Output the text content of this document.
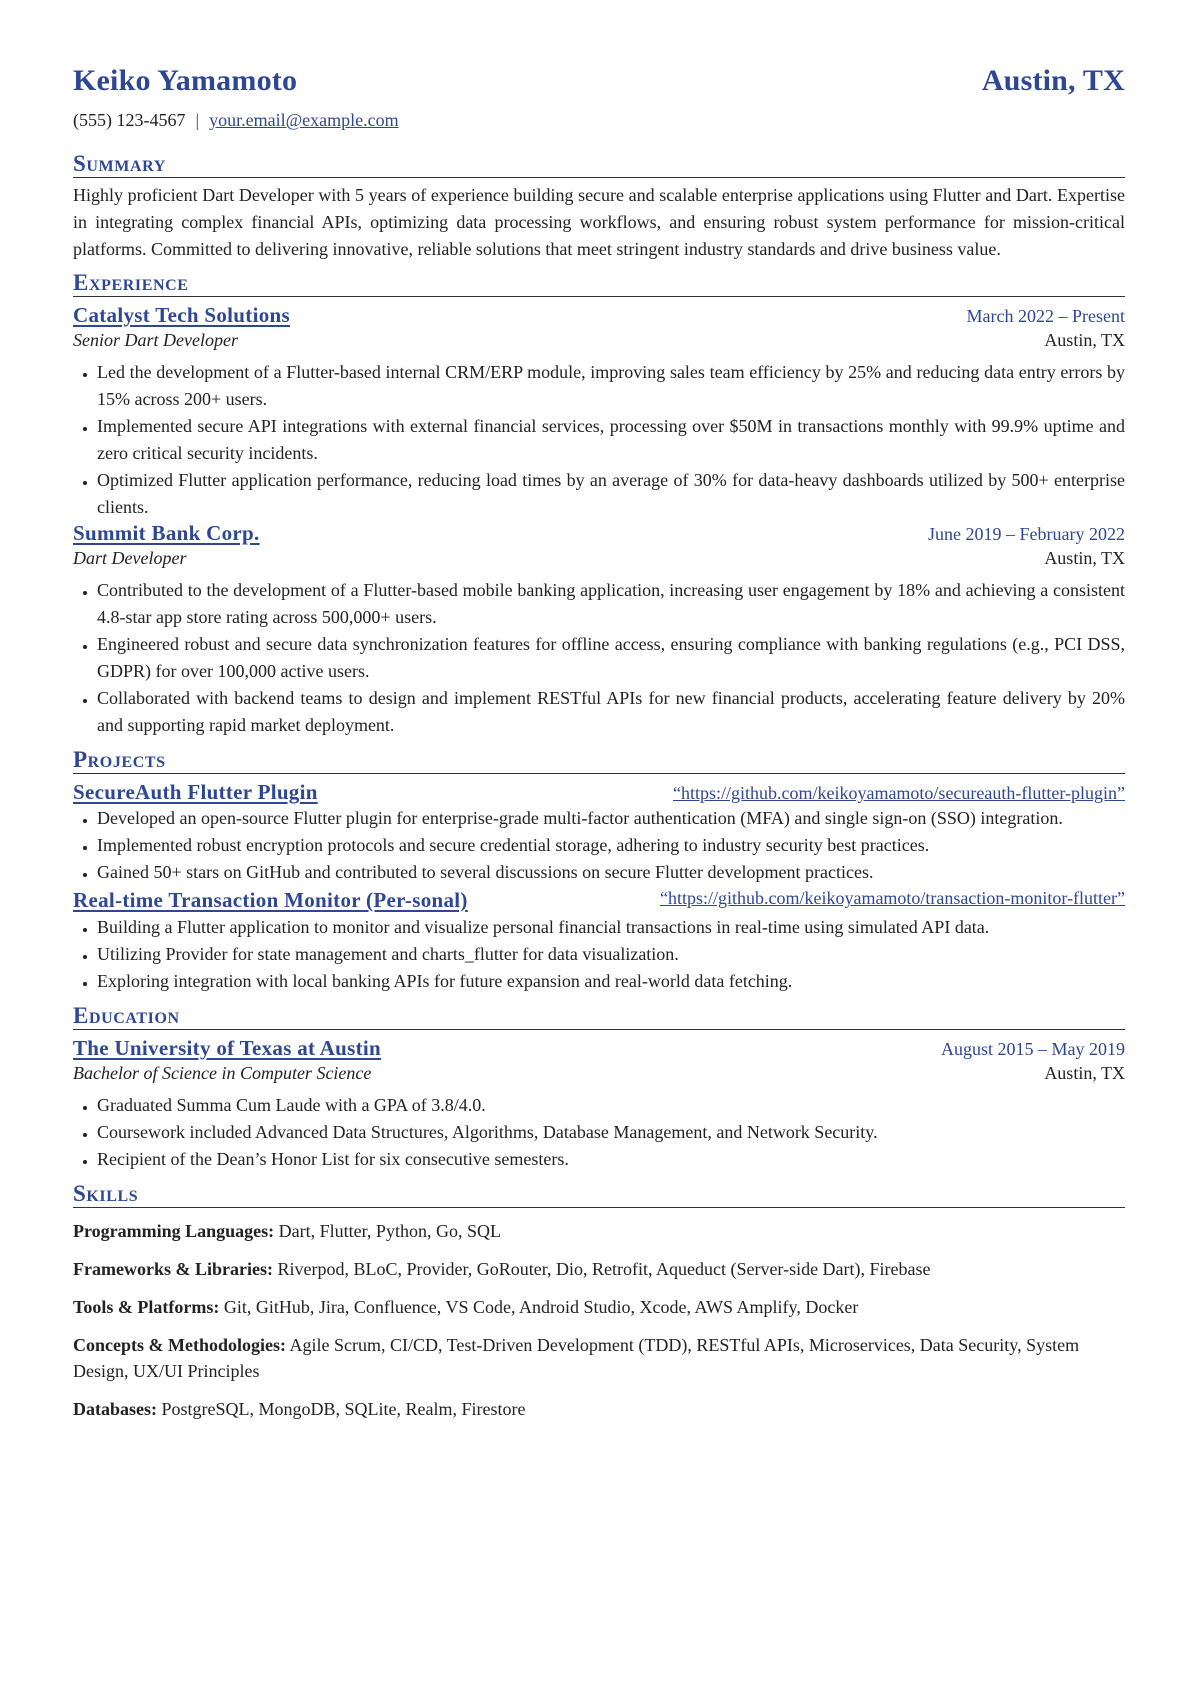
Keiko Yamamoto	Austin, TX
(555) 123-4567 | your.email@example.com
Summary

Highly proficient Dart Developer with 5 years of experience building secure and scalable enterprise applications using Flutter and Dart. Expertise in integrating complex financial APIs, optimizing data processing workflows, and ensuring robust system performance for mission-critical platforms. Committed to delivering innovative, reliable solutions that meet stringent industry standards and drive business value.

Experience
Catalyst Tech Solutions	March 2022 – Present
Senior Dart Developer	Austin, TX
• Led the development of a Flutter-based internal CRM/ERP module, improving sales team efficiency by 25% and reducing data entry errors by 15% across 200+ users.
• Implemented secure API integrations with external financial services, processing over $50M in transactions monthly with 99.9% uptime and zero critical security incidents.
• Optimized Flutter application performance, reducing load times by an average of 30% for data-heavy dashboards utilized by 500+ enterprise clients.
Summit Bank Corp.	June 2019 – February 2022
Dart Developer	Austin, TX
• Contributed to the development of a Flutter-based mobile banking application, increasing user engagement by 18% and achieving a consistent 4.8-star app store rating across 500,000+ users.
• Engineered robust and secure data synchronization features for offline access, ensuring compliance with banking regulations (e.g., PCI DSS, GDPR) for over 100,000 active users.
• Collaborated with backend teams to design and implement RESTful APIs for new financial products, accelerating feature delivery by 20% and supporting rapid market deployment.
Projects
SecureAuth Flutter Plugin	“https://github.com/keikoyamamoto/secureauth-flutter-plugin”
• Developed an open-source Flutter plugin for enterprise-grade multi-factor authentication (MFA) and single sign-on (SSO) integration.
• Implemented robust encryption protocols and secure credential storage, adhering to industry security best practices.
• Gained 50+ stars on GitHub and contributed to several discussions on secure Flutter development practices.
Real-time Transaction Monitor (Per-sonal)	“https://github.com/keikoyamamoto/transaction-monitor-flutter”
• Building a Flutter application to monitor and visualize personal financial transactions in real-time using simulated API data.
• Utilizing Provider for state management and charts_flutter for data visualization.
• Exploring integration with local banking APIs for future expansion and real-world data fetching.
Education
The University of Texas at Austin	August 2015 – May 2019
Bachelor of Science in Computer Science	Austin, TX
• Graduated Summa Cum Laude with a GPA of 3.8/4.0.
• Coursework included Advanced Data Structures, Algorithms, Database Management, and Network Security.
• Recipient of the Dean’s Honor List for six consecutive semesters.
Skills

Programming Languages: Dart, Flutter, Python, Go, SQL

Frameworks & Libraries: Riverpod, BLoC, Provider, GoRouter, Dio, Retrofit, Aqueduct (Server-side Dart), Firebase

Tools & Platforms: Git, GitHub, Jira, Confluence, VS Code, Android Studio, Xcode, AWS Amplify, Docker

Concepts & Methodologies: Agile Scrum, CI/CD, Test-Driven Development (TDD), RESTful APIs, Microservices, Data Security, System Design, UX/UI Principles

Databases: PostgreSQL, MongoDB, SQLite, Realm, Firestore
